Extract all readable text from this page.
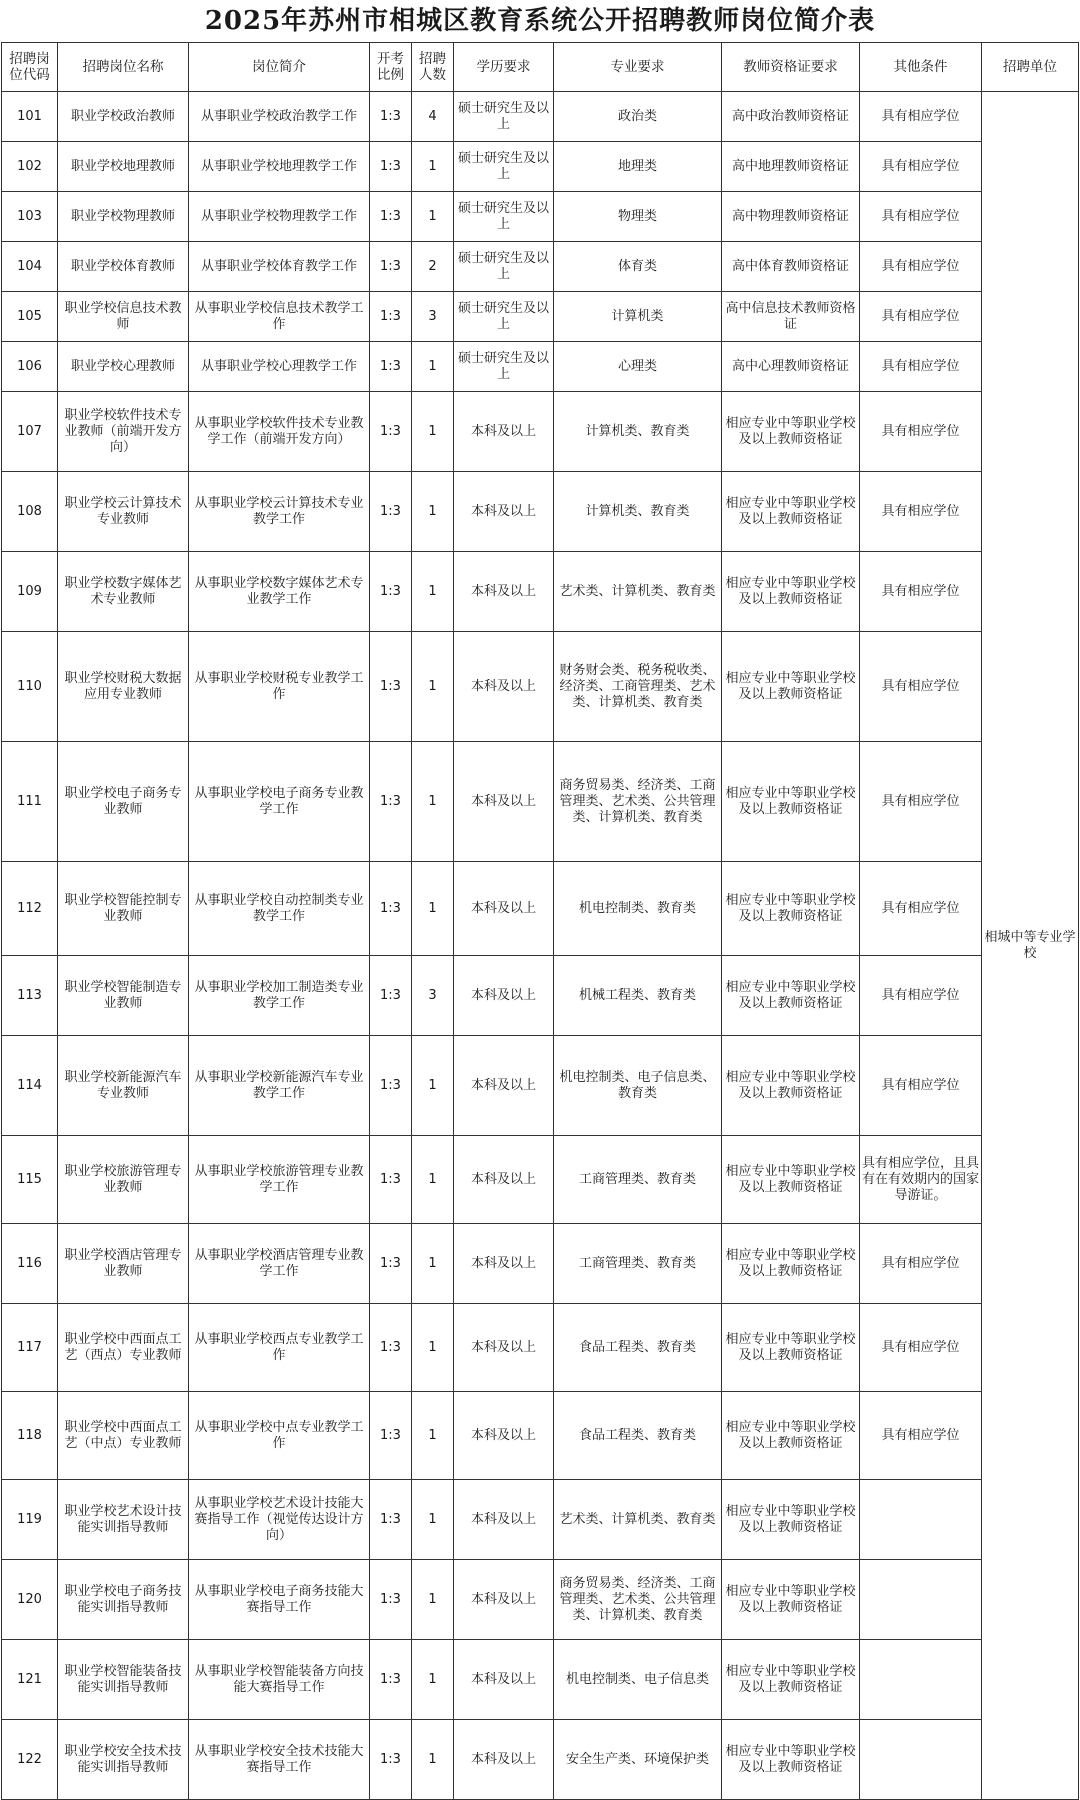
2025年苏州市相城区教育系统公开招聘教师岗位简介表
招聘岗位代码	招聘岗位名称	岗位简介	开考比例	招聘人数	学历要求	专业要求	教师资格证要求	其他条件	招聘单位
101	职业学校政治教师	从事职业学校政治教学工作	1:3	4	硕士研究生及以上	政治类	高中政治教师资格证	具有相应学位	相城中等专业学校
102	职业学校地理教师	从事职业学校地理教学工作	1:3	1	硕士研究生及以上	地理类	高中地理教师资格证	具有相应学位	
103	职业学校物理教师	从事职业学校物理教学工作	1:3	1	硕士研究生及以上	物理类	高中物理教师资格证	具有相应学位	
104	职业学校体育教师	从事职业学校体育教学工作	1:3	2	硕士研究生及以上	体育类	高中体育教师资格证	具有相应学位	
105	职业学校信息技术教师	从事职业学校信息技术教学工作	1:3	3	硕士研究生及以上	计算机类	高中信息技术教师资格证	具有相应学位	
106	职业学校心理教师	从事职业学校心理教学工作	1:3	1	硕士研究生及以上	心理类	高中心理教师资格证	具有相应学位	
107	职业学校软件技术专业教师（前端开发方向）	从事职业学校软件技术专业教学工作（前端开发方向）	1:3	1	本科及以上	计算机类、教育类	相应专业中等职业学校及以上教师资格证	具有相应学位	
108	职业学校云计算技术专业教师	从事职业学校云计算技术专业教学工作	1:3	1	本科及以上	计算机类、教育类	相应专业中等职业学校及以上教师资格证	具有相应学位	
109	职业学校数字媒体艺术专业教师	从事职业学校数字媒体艺术专业教学工作	1:3	1	本科及以上	艺术类、计算机类、教育类	相应专业中等职业学校及以上教师资格证	具有相应学位	
110	职业学校财税大数据应用专业教师	从事职业学校财税专业教学工作	1:3	1	本科及以上	财务财会类、税务税收类、经济类、工商管理类、艺术类、计算机类、教育类	相应专业中等职业学校及以上教师资格证	具有相应学位	
111	职业学校电子商务专业教师	从事职业学校电子商务专业教学工作	1:3	1	本科及以上	商务贸易类、经济类、工商管理类、艺术类、公共管理类、计算机类、教育类	相应专业中等职业学校及以上教师资格证	具有相应学位	
112	职业学校智能控制专业教师	从事职业学校自动控制类专业教学工作	1:3	1	本科及以上	机电控制类、教育类	相应专业中等职业学校及以上教师资格证	具有相应学位	
113	职业学校智能制造专业教师	从事职业学校加工制造类专业教学工作	1:3	3	本科及以上	机械工程类、教育类	相应专业中等职业学校及以上教师资格证	具有相应学位	
114	职业学校新能源汽车专业教师	从事职业学校新能源汽车专业教学工作	1:3	1	本科及以上	机电控制类、电子信息类、教育类	相应专业中等职业学校及以上教师资格证	具有相应学位	
115	职业学校旅游管理专业教师	从事职业学校旅游管理专业教学工作	1:3	1	本科及以上	工商管理类、教育类	相应专业中等职业学校及以上教师资格证	具有相应学位，且具有在有效期内的国家导游证。	
116	职业学校酒店管理专业教师	从事职业学校酒店管理专业教学工作	1:3	1	本科及以上	工商管理类、教育类	相应专业中等职业学校及以上教师资格证	具有相应学位	
117	职业学校中西面点工艺（西点）专业教师	从事职业学校西点专业教学工作	1:3	1	本科及以上	食品工程类、教育类	相应专业中等职业学校及以上教师资格证	具有相应学位	
118	职业学校中西面点工艺（中点）专业教师	从事职业学校中点专业教学工作	1:3	1	本科及以上	食品工程类、教育类	相应专业中等职业学校及以上教师资格证	具有相应学位	
119	职业学校艺术设计技能实训指导教师	从事职业学校艺术设计技能大赛指导工作（视觉传达设计方向）	1:3	1	本科及以上	艺术类、计算机类、教育类	相应专业中等职业学校及以上教师资格证		
120	职业学校电子商务技能实训指导教师	从事职业学校电子商务技能大赛指导工作	1:3	1	本科及以上	商务贸易类、经济类、工商管理类、艺术类、公共管理类、计算机类、教育类	相应专业中等职业学校及以上教师资格证		
121	职业学校智能装备技能实训指导教师	从事职业学校智能装备方向技能大赛指导工作	1:3	1	本科及以上	机电控制类、电子信息类	相应专业中等职业学校及以上教师资格证		
122	职业学校安全技术技能实训指导教师	从事职业学校安全技术技能大赛指导工作	1:3	1	本科及以上	安全生产类、环境保护类	相应专业中等职业学校及以上教师资格证		
